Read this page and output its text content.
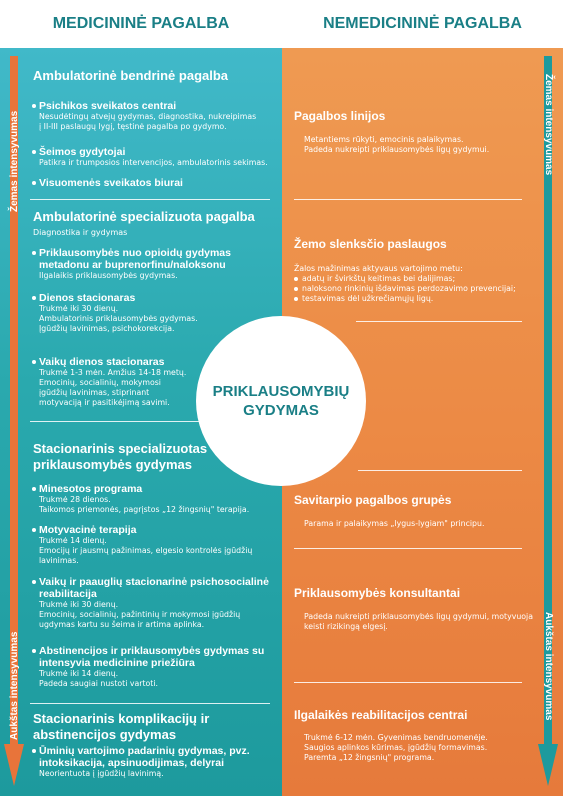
MEDICININĖ PAGALBA	NEMEDICININĖ PAGALBA
Žemas intensyvumas
Aukštas intensyvumas
Žemas intensyvumas
Aukštas intensyvumas
Ambulatorinė bendrinė pagalba
Psichikos sveikatos centrai
Nesudėtingų atvejų gydymas, diagnostika, nukreipimas
į II-III paslaugų lygį, tęstinė pagalba po gydymo.
Šeimos gydytojai
Patikra ir trumposios intervencijos, ambulatorinis sekimas.
Visuomenės sveikatos biurai
Ambulatorinė specializuota pagalba
Diagnostika ir gydymas
Priklausomybės nuo opioidų gydymas
metadonu ar buprenorfinu/naloksonu
Ilgalaikis priklausomybės gydymas.
Dienos stacionaras
Trukmė iki 30 dienų.
Ambulatorinis priklausomybės gydymas.
Įgūdžių lavinimas, psichokorekcija.
Vaikų dienos stacionaras
Trukmė 1-3 mėn. Amžius 14-18 metų.
Emocinių, socialinių, mokymosi
įgūdžių lavinimas, stiprinant
motyvaciją ir pasitikėjimą savimi.
PRIKLAUSOMYBIŲ
GYDYMAS
Stacionarinis specializuotas
priklausomybės gydymas
Minesotos programa
Trukmė 28 dienos.
Taikomos priemonės, pagrįstos „12 žingsnių" terapija.
Motyvacinė terapija
Trukmė 14 dienų.
Emocijų ir jausmų pažinimas, elgesio kontrolės įgūdžių
lavinimas.
Vaikų ir paauglių stacionarinė psichosocialinė
reabilitacija
Trukmė iki 30 dienų.
Emocinių, socialinių, pažintinių ir mokymosi įgūdžių
ugdymas kartu su šeima ir artima aplinka.
Abstinencijos ir priklausomybės gydymas su
intensyvia medicinine priežiūra
Trukmė iki 14 dienų.
Padeda saugiai nustoti vartoti.
Stacionarinis komplikacijų ir
abstinencijos gydymas
Ūminių vartojimo padarinių gydymas, pvz.
intoksikacija, apsinuodijimas, delyrai
Neorientuota į įgūdžių lavinimą.
Pagalbos linijos
Metantiems rūkyti, emocinis palaikymas.
Padeda nukreipti priklausomybės ligų gydymui.
Žemo slenksčio paslaugos
Žalos mažinimas aktyvaus vartojimo metu:
adatų ir švirkštų keitimas bei dalijimas;
naloksono rinkinių išdavimas perdozavimo prevencijai;
testavimas dėl užkrečiamųjų ligų.
Savitarpio pagalbos grupės
Parama ir palaikymas „lygus-lygiam" principu.
Priklausomybės konsultantai
Padeda nukreipti priklausomybės ligų gydymui, motyvuoja
keisti rizikingą elgesį.
Ilgalaikės reabilitacijos centrai
Trukmė 6-12 mėn. Gyvenimas bendruomenėje.
Saugios aplinkos kūrimas, įgūdžių formavimas.
Paremta „12 žingsnių" programa.
